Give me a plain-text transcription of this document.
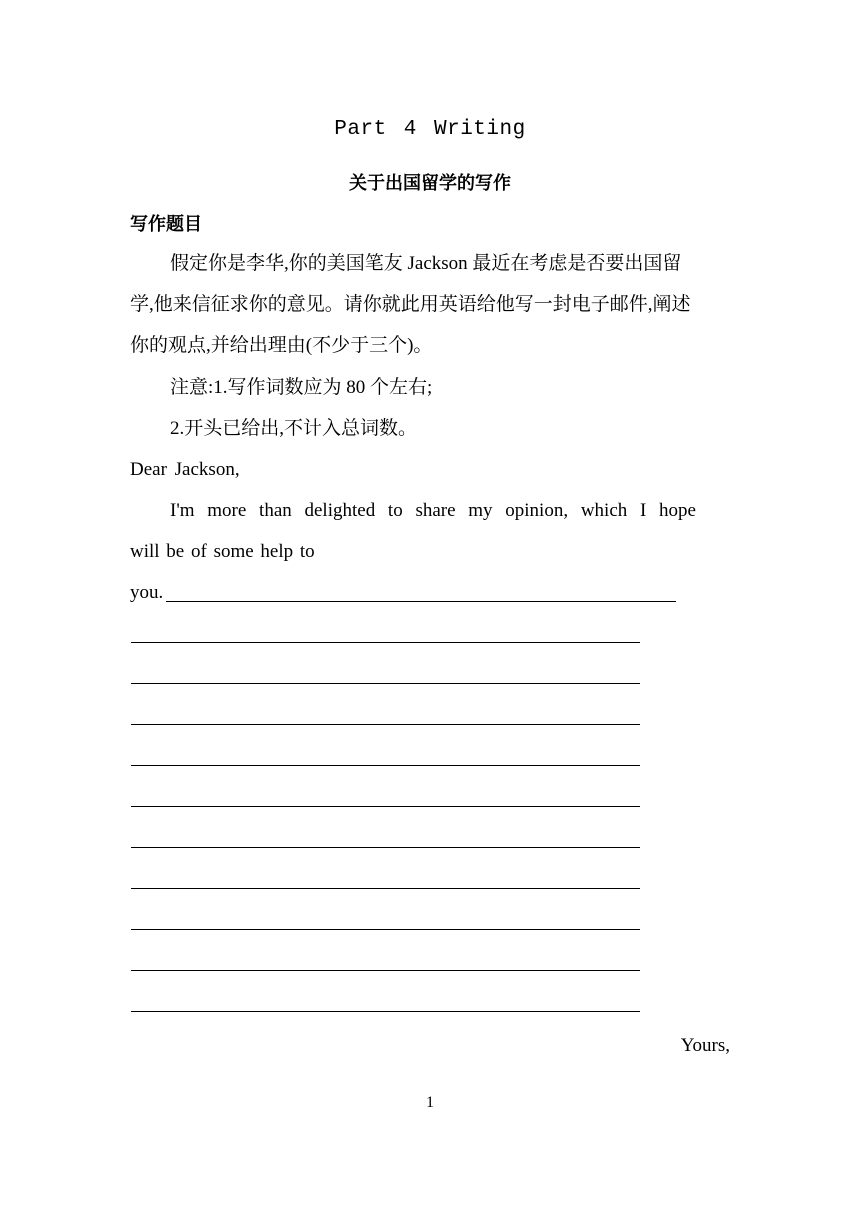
Part 4 Writing
关于出国留学的写作
写作题目
假定你是李华,你的美国笔友 Jackson 最近在考虑是否要出国留
学,他来信征求你的意见。请你就此用英语给他写一封电子邮件,阐述
你的观点,并给出理由(不少于三个)。
注意:1.写作词数应为 80 个左右;
2.开头已给出,不计入总词数。
Dear Jackson,
I'm more than delighted to share my opinion, which I hope
will be of some help to
you.
Yours,
1
